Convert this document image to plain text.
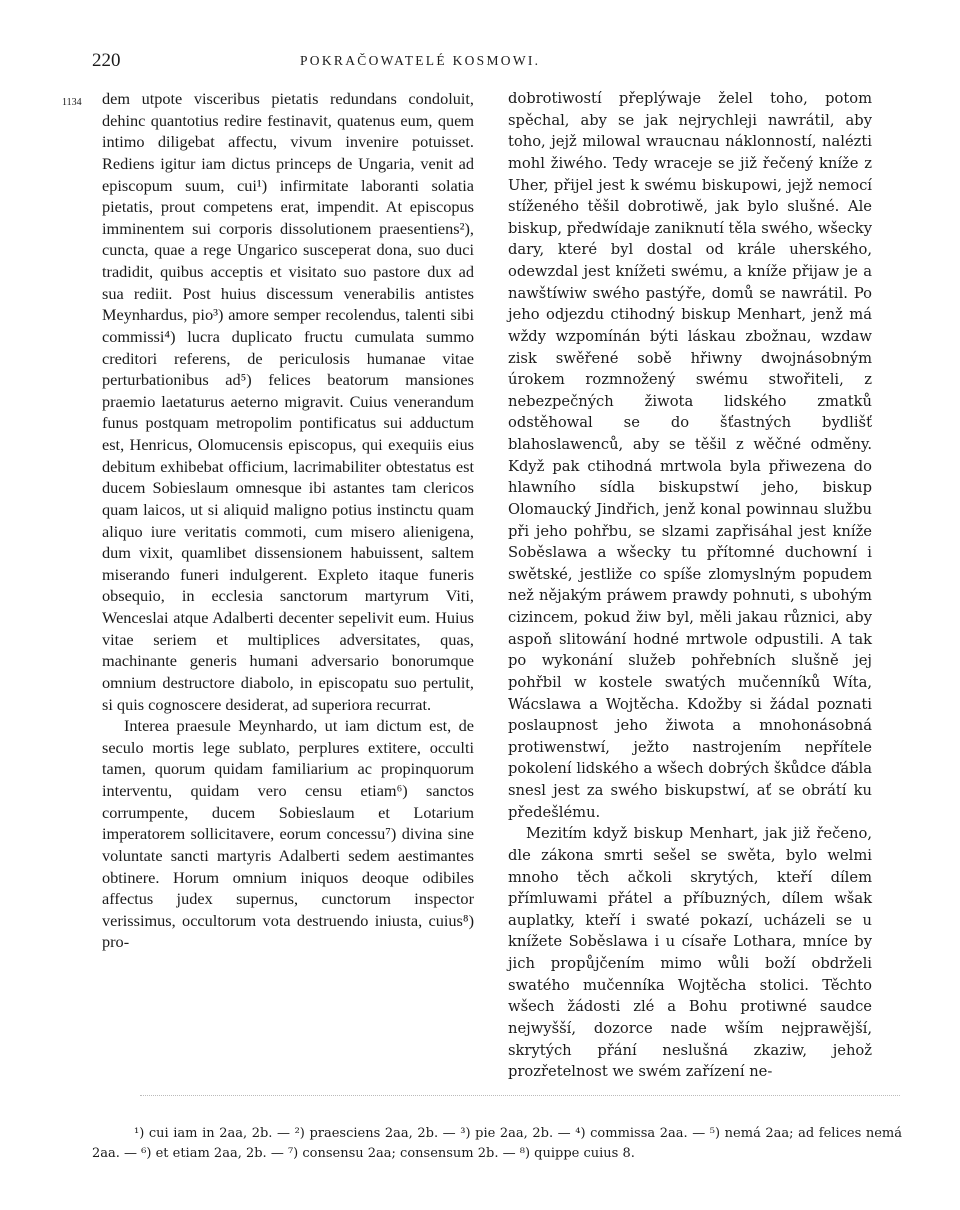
220	POKRAČOWATELÉ KOSMOWI.
1134 dem utpote visceribus pietatis redundans condoluit, dehinc quantotius redire festinavit, quatenus eum, quem intimo diligebat affectu, vivum invenire potuisset. Rediens igitur iam dictus princeps de Ungaria, venit ad episcopum suum, cui¹) infirmitate laboranti solatia pietatis, prout competens erat, impendit. At episcopus imminentem sui corporis dissolutionem praesentiens²), cuncta, quae a rege Ungarico susceperat dona, suo duci tradidit, quibus acceptis et visitato suo pastore dux ad sua rediit. Post huius discessum venerabilis antistes Meynhardus, pio³) amore semper recolendus, talenti sibi commissi⁴) lucra duplicato fructu cumulata summo creditori referens, de periculosis humanae vitae perturbationibus ad⁵) felices beatorum mansiones praemio laetaturus aeterno migravit. Cuius venerandum funus postquam metropolim pontificatus sui adductum est, Henricus, Olomucensis episcopus, qui exequiis eius debitum exhibebat officium, lacrimabiliter obtestatus est ducem Sobieslaum omnesque ibi astantes tam clericos quam laicos, ut si aliquid maligno potius instinctu quam aliquo iure veritatis commoti, cum misero alienigena, dum vixit, quamlibet dissensionem habuissent, saltem miserando funeri indulgerent. Expleto itaque funeris obsequio, in ecclesia sanctorum martyrum Viti, Wenceslai atque Adalberti decenter sepelivit eum. Huius vitae seriem et multiplices adversitates, quas, machinante generis humani adversario bonorumque omnium destructore diabolo, in episcopatu suo pertulit, si quis cognoscere desiderat, ad superiora recurrat.

Interea praesule Meynhardo, ut iam dictum est, de seculo mortis lege sublato, perplures extitere, occulti tamen, quorum quidam familiarium ac propinquorum interventu, quidam vero censu etiam⁶) sanctos corrumpente, ducem Sobieslaum et Lotarium imperatorem sollicitavere, eorum concessu⁷) divina sine voluntate sancti martyris Adalberti sedem aestimantes obtinere. Horum omnium iniquos deoque odibiles affectus judex supernus, cunctorum inspector verissimus, occultorum vota destruendo iniusta, cuius⁸) pro-

dobrotiwostí přeplýwaje želel toho, potom spěchal, aby se jak nejrychleji nawrátil, aby toho, jejž milowal wraucnau náklonností, nalézti mohl žiwého. Tedy wraceje se již řečený kníže z Uher, přijel jest k swému biskupowi, jejž nemocí stíženého těšil dobrotiwě, jak bylo slušné. Ale biskup, předwídaje zaniknutí těla swého, wšecky dary, které byl dostal od krále uherského, odewzdal jest knížeti swému, a kníže přijaw je a nawštíwiw swého pastýře, domů se nawrátil. Po jeho odjezdu ctihodný biskup Menhart, jenž má wždy wzpomínán býti láskau zbožnau, wzdaw zisk swěřené sobě hřiwny dwojnásobným úrokem rozmnožený swému stwořiteli, z nebezpečných žiwota lidského zmatků odstěhowal se do šťastných bydlišť blahoslawenců, aby se těšil z wěčné odměny. Když pak ctihodná mrtwola byla přiwezena do hlawního sídla biskupstwí jeho, biskup Olomaucký Jindřich, jenž konal powinnau službu při jeho pohřbu, se slzami zapřisáhal jest kníže Soběslawa a wšecky tu přítomné duchowní i swětské, jestliže co spíše zlomyslným popudem než nějakým práwem prawdy pohnuti, s ubohým cizincem, pokud žiw byl, měli jakau různici, aby aspoň slitowání hodné mrtwole odpustili. A tak po wykonání služeb pohřebních slušně jej pohřbil w kostele swatých mučenníků Wíta, Wácslawa a Wojtěcha. Kdožby si žádal poznati poslaupnost jeho žiwota a mnohonásobná protiwenstwí, ježto nastrojením nepřítele pokolení lidského a wšech dobrých škůdce ďábla snesl jest za swého biskupstwí, ať se obrátí ku předešlému.

Mezitím když biskup Menhart, jak již řečeno, dle zákona smrti sešel se swěta, bylo welmi mnoho těch ačkoli skrytých, kteří dílem přímluwami přátel a příbuzných, dílem wšak auplatky, kteří i swaté pokazí, ucházeli se u knížete Soběslawa i u císaře Lothara, mníce by jich propůjčením mimo wůli boží obdrželi swatého mučenníka Wojtěcha stolici. Těchto wšech žádosti zlé a Bohu protiwné saudce nejwyšší, dozorce nade wším nejprawější, skrytých přání neslušná zkaziw, jehož prozřetelnost we swém zařízení ne-

¹) cui iam in 2aa, 2b. — ²) praesciens 2aa, 2b. — ³) pie 2aa, 2b. — ⁴) commissa 2aa. — ⁵) nemá 2aa; ad felices nemá 2aa. — ⁶) et etiam 2aa, 2b. — ⁷) consensu 2aa; consensum 2b. — ⁸) quippe cuius 8.
